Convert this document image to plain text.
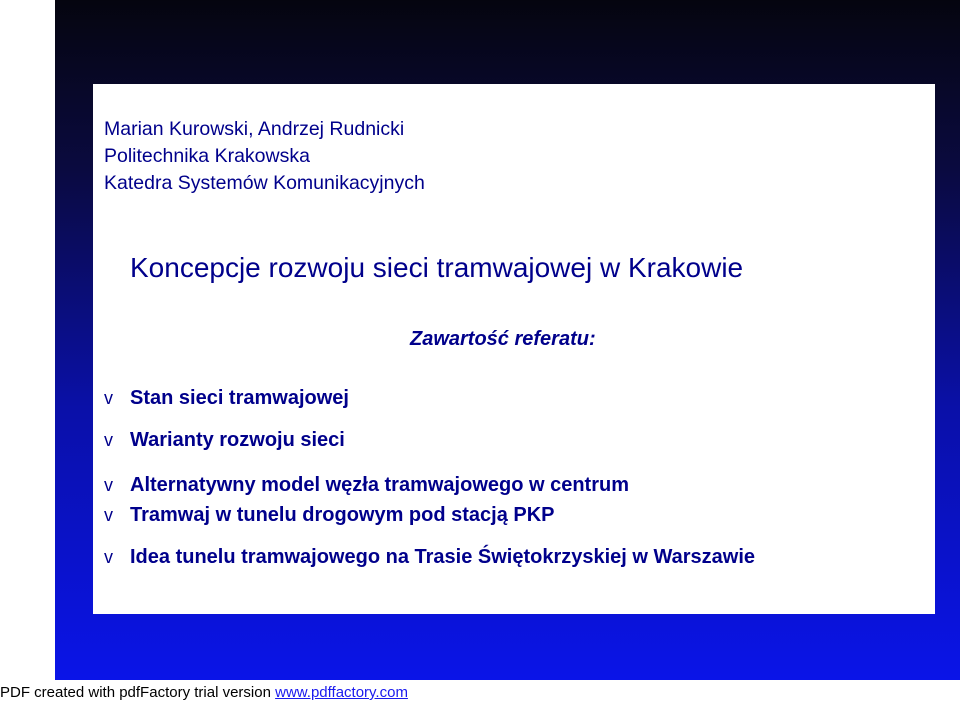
Marian Kurowski, Andrzej Rudnicki
Politechnika Krakowska
Katedra Systemów Komunikacyjnych
Koncepcje rozwoju sieci tramwajowej w Krakowie
Zawartość referatu:
v Stan sieci tramwajowej
v Warianty rozwoju sieci
v Alternatywny model węzła tramwajowego w centrum
v Tramwaj w tunelu drogowym pod stacją PKP
v Idea tunelu tramwajowego na Trasie Świętokrzyskiej w Warszawie
PDF created with pdfFactory trial version www.pdffactory.com
